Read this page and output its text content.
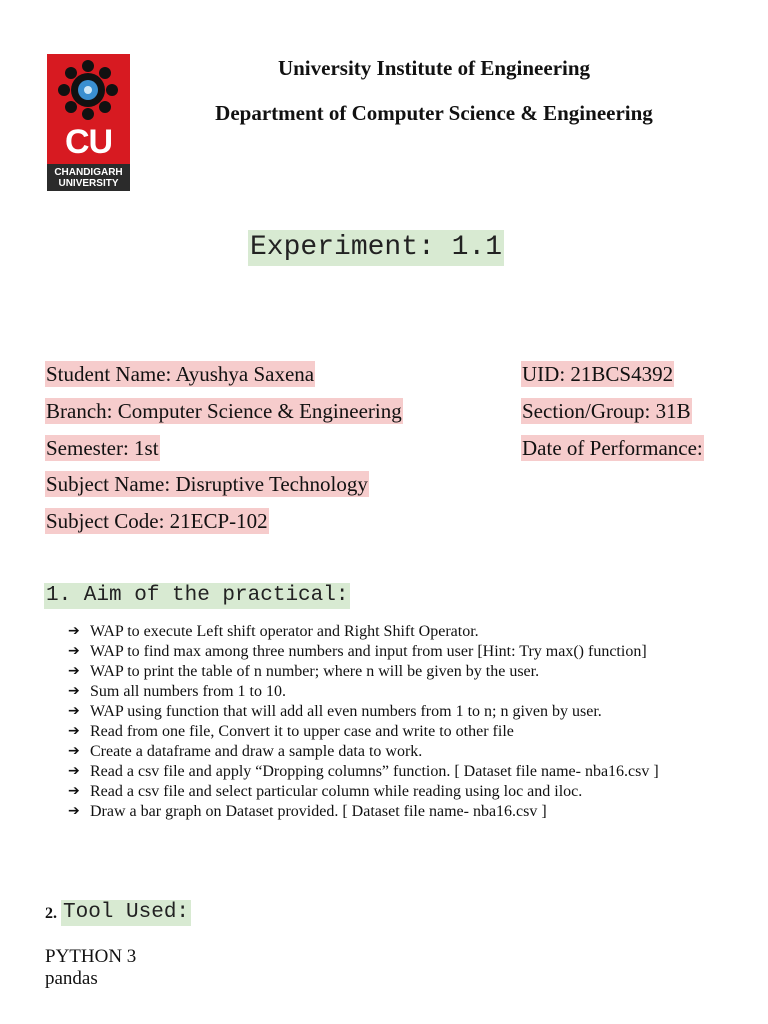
CU
CHANDIGARH
UNIVERSITY
University Institute of Engineering
Department of Computer Science & Engineering
Experiment: 1.1
Student Name: Ayushya Saxena	UID: 21BCS4392
Branch: Computer Science & Engineering	Section/Group: 31B
Semester: 1st	Date of Performance:
Subject Name: Disruptive Technology
Subject Code: 21ECP-102
1. Aim of the practical:
➔ WAP to execute Left shift operator and Right Shift Operator.
➔ WAP to find max among three numbers and input from user [Hint: Try max() function]
➔ WAP to print the table of n number; where n will be given by the user.
➔ Sum all numbers from 1 to 10.
➔ WAP using function that will add all even numbers from 1 to n; n given by user.
➔ Read from one file, Convert it to upper case and write to other file
➔ Create a dataframe and draw a sample data to work.
➔ Read a csv file and apply “Dropping columns” function. [ Dataset file name- nba16.csv ]
➔ Read a csv file and select particular column while reading using loc and iloc.
➔ Draw a bar graph on Dataset provided. [ Dataset file name- nba16.csv ]
2. Tool Used:
PYTHON 3
pandas
